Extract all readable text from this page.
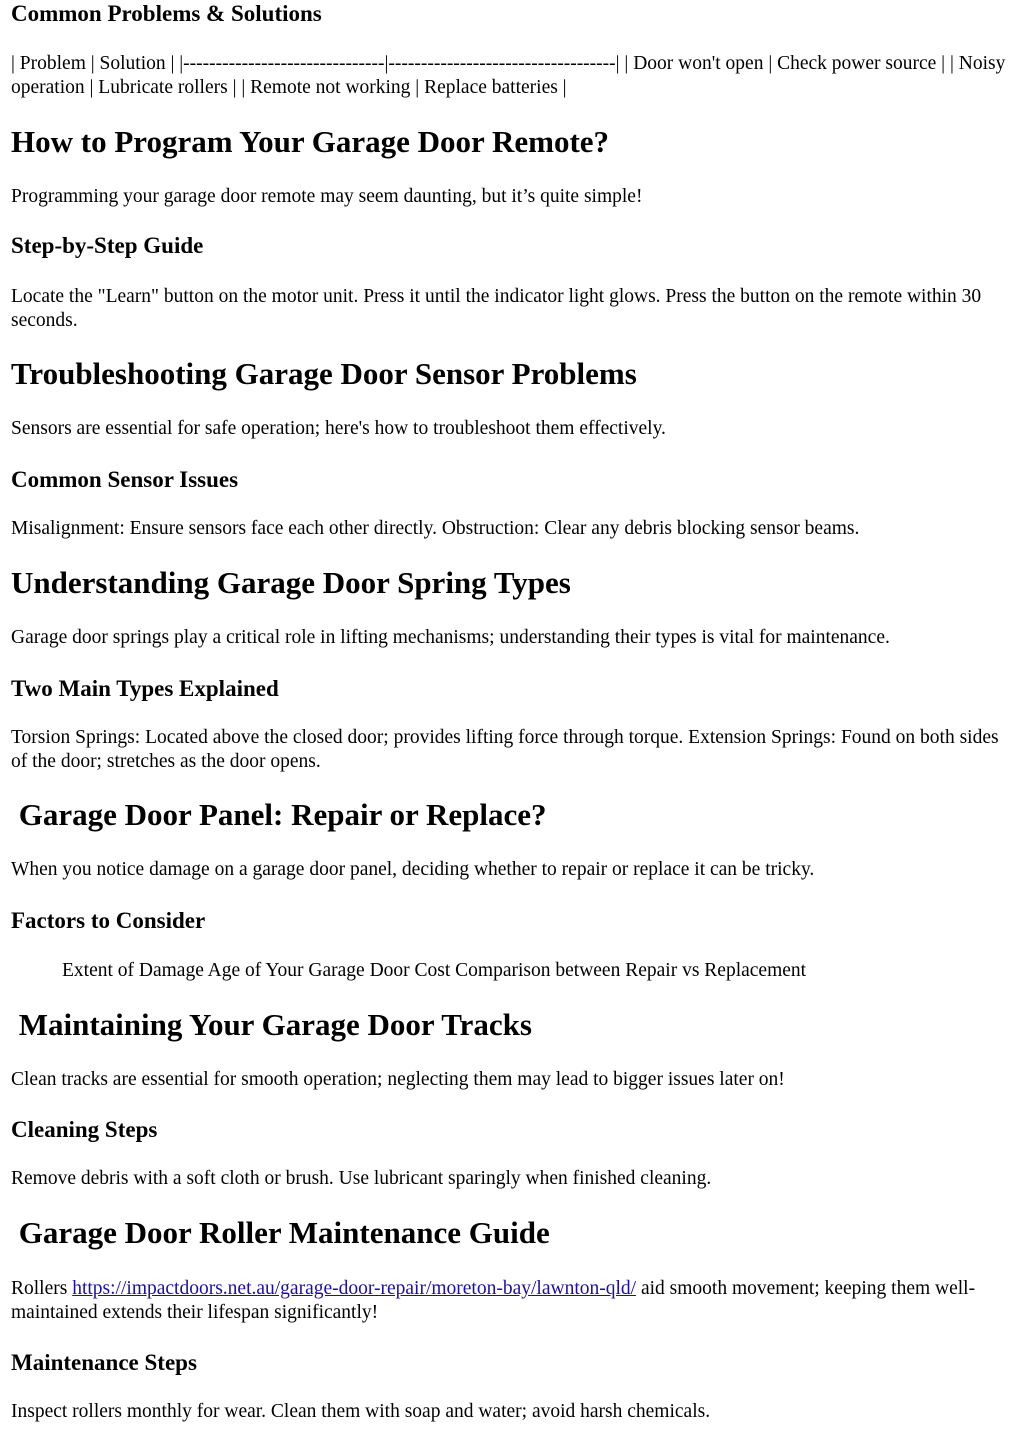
Common Problems & Solutions

| Problem | Solution | |-------------------------------|-----------------------------------| | Door won't open | Check power source | | Noisy operation | Lubricate rollers | | Remote not working | Replace batteries |

How to Program Your Garage Door Remote?

Programming your garage door remote may seem daunting, but it’s quite simple!

Step-by-Step Guide

Locate the "Learn" button on the motor unit. Press it until the indicator light glows. Press the button on the remote within 30 seconds.

Troubleshooting Garage Door Sensor Problems

Sensors are essential for safe operation; here's how to troubleshoot them effectively.

Common Sensor Issues

Misalignment: Ensure sensors face each other directly. Obstruction: Clear any debris blocking sensor beams.

Understanding Garage Door Spring Types

Garage door springs play a critical role in lifting mechanisms; understanding their types is vital for maintenance.

Two Main Types Explained

Torsion Springs: Located above the closed door; provides lifting force through torque. Extension Springs: Found on both sides of the door; stretches as the door opens.

Garage Door Panel: Repair or Replace?

When you notice damage on a garage door panel, deciding whether to repair or replace it can be tricky.

Factors to Consider

Extent of Damage Age of Your Garage Door Cost Comparison between Repair vs Replacement

Maintaining Your Garage Door Tracks

Clean tracks are essential for smooth operation; neglecting them may lead to bigger issues later on!

Cleaning Steps

Remove debris with a soft cloth or brush. Use lubricant sparingly when finished cleaning.

Garage Door Roller Maintenance Guide

Rollers https://impactdoors.net.au/garage-door-repair/moreton-bay/lawnton-qld/ aid smooth movement; keeping them well-maintained extends their lifespan significantly!

Maintenance Steps

Inspect rollers monthly for wear. Clean them with soap and water; avoid harsh chemicals.
